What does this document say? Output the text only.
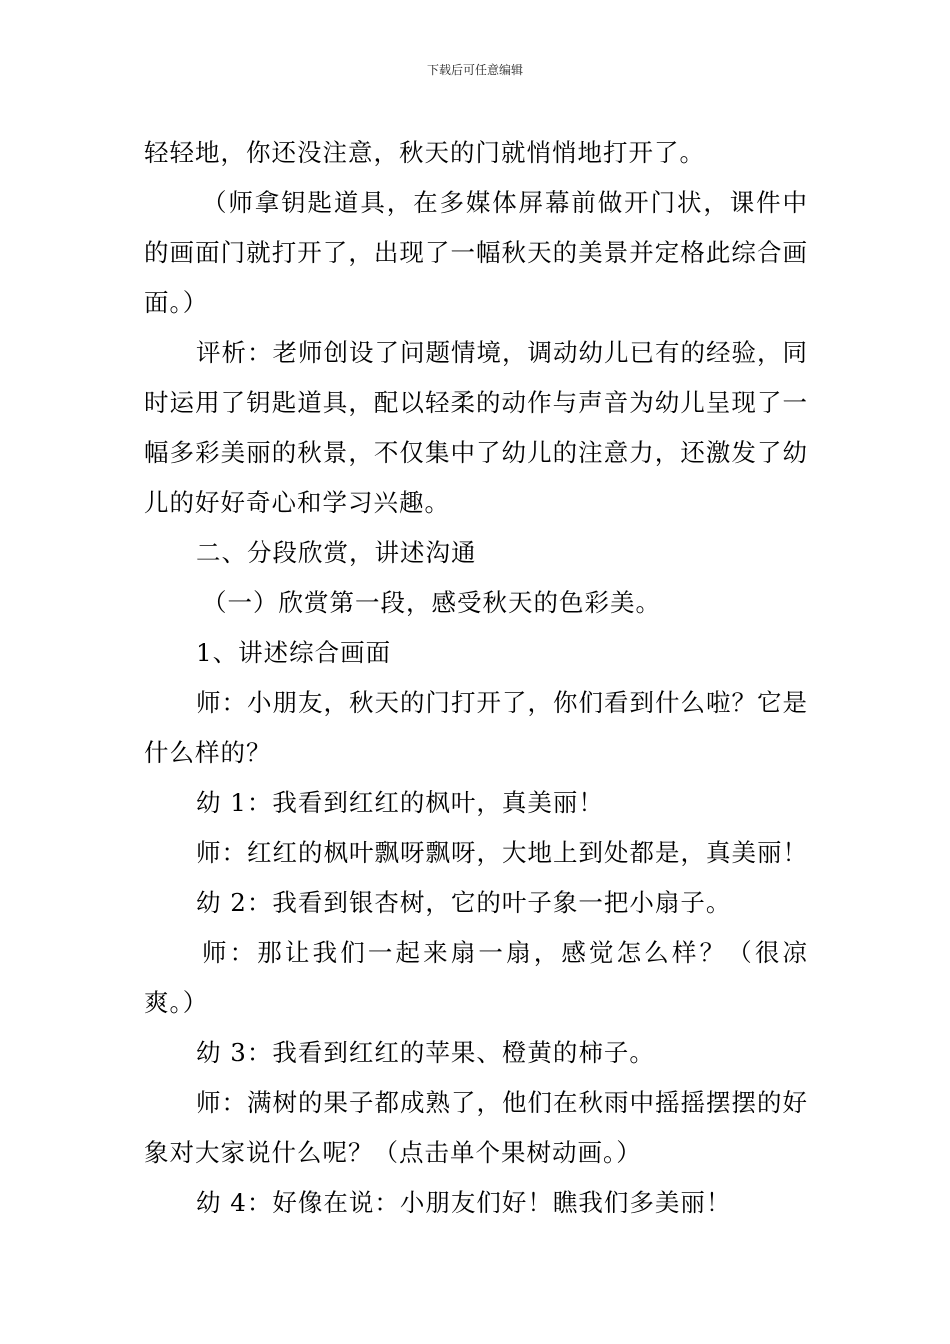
下载后可任意编辑

轻轻地，你还没注意，秋天的门就悄悄地打开了。

（师拿钥匙道具，在多媒体屏幕前做开门状，课件中的画面门就打开了，出现了一幅秋天的美景并定格此综合画面。）

评析：老师创设了问题情境，调动幼儿已有的经验，同时运用了钥匙道具，配以轻柔的动作与声音为幼儿呈现了一幅多彩美丽的秋景，不仅集中了幼儿的注意力，还激发了幼儿的好好奇心和学习兴趣。

二、分段欣赏，讲述沟通

（一）欣赏第一段，感受秋天的色彩美。

1、讲述综合画面

师：小朋友，秋天的门打开了，你们看到什么啦？它是什么样的？

幼 1：我看到红红的枫叶，真美丽！

师：红红的枫叶飘呀飘呀，大地上到处都是，真美丽！

幼 2：我看到银杏树，它的叶子象一把小扇子。

师：那让我们一起来扇一扇，感觉怎么样？（很凉爽。）

幼 3：我看到红红的苹果、橙黄的柿子。

师：满树的果子都成熟了，他们在秋雨中摇摇摆摆的好象对大家说什么呢？（点击单个果树动画。）

幼 4：好像在说：小朋友们好！瞧我们多美丽！
